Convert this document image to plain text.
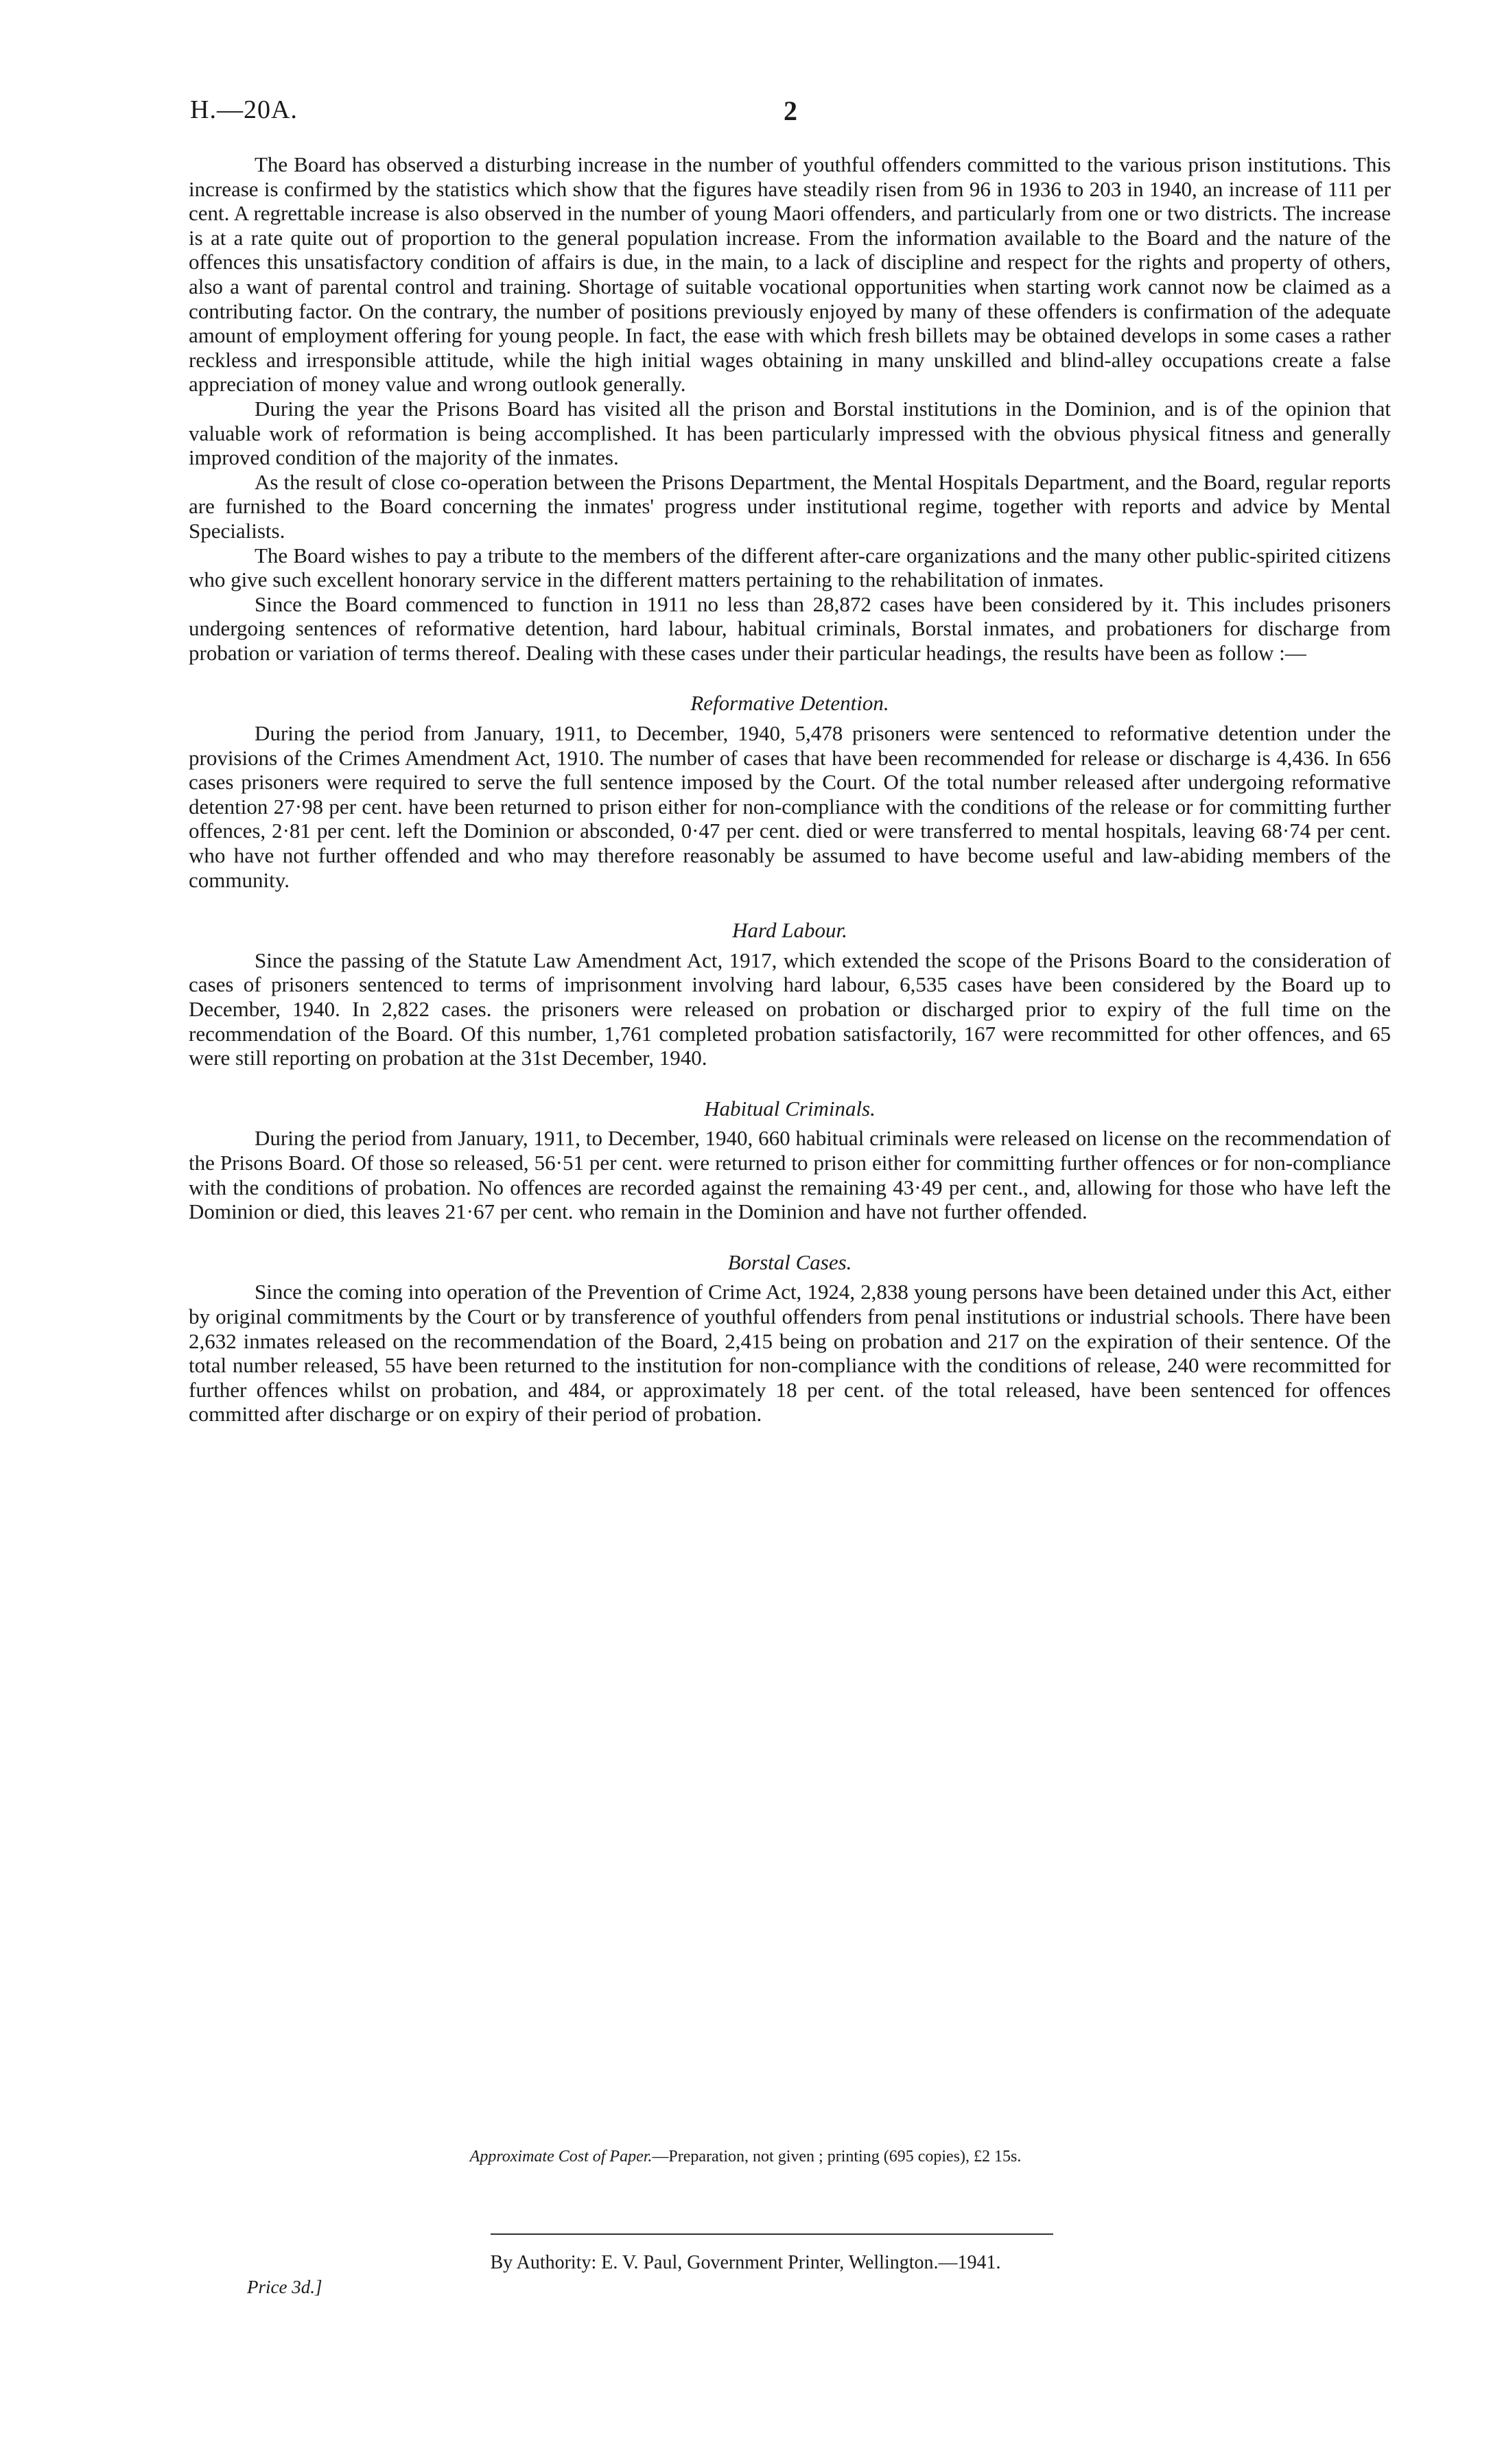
H.—20A.	2

The Board has observed a disturbing increase in the number of youthful offenders committed to the various prison institutions. This increase is confirmed by the statistics which show that the figures have steadily risen from 96 in 1936 to 203 in 1940, an increase of 111 per cent. A regrettable increase is also observed in the number of young Maori offenders, and particularly from one or two districts. The increase is at a rate quite out of proportion to the general population increase. From the information available to the Board and the nature of the offences this unsatisfactory condition of affairs is due, in the main, to a lack of discipline and respect for the rights and property of others, also a want of parental control and training. Shortage of suitable vocational opportunities when starting work cannot now be claimed as a contributing factor. On the contrary, the number of positions previously enjoyed by many of these offenders is confirmation of the adequate amount of employment offering for young people. In fact, the ease with which fresh billets may be obtained develops in some cases a rather reckless and irresponsible attitude, while the high initial wages obtaining in many unskilled and blind-alley occupations create a false appreciation of money value and wrong outlook generally.

During the year the Prisons Board has visited all the prison and Borstal institutions in the Dominion, and is of the opinion that valuable work of reformation is being accomplished. It has been particularly impressed with the obvious physical fitness and generally improved condition of the majority of the inmates.

As the result of close co-operation between the Prisons Department, the Mental Hospitals Department, and the Board, regular reports are furnished to the Board concerning the inmates' progress under institutional regime, together with reports and advice by Mental Specialists.

The Board wishes to pay a tribute to the members of the different after-care organizations and the many other public-spirited citizens who give such excellent honorary service in the different matters pertaining to the rehabilitation of inmates.

Since the Board commenced to function in 1911 no less than 28,872 cases have been considered by it. This includes prisoners undergoing sentences of reformative detention, hard labour, habitual criminals, Borstal inmates, and probationers for discharge from probation or variation of terms thereof. Dealing with these cases under their particular headings, the results have been as follow :—

Reformative Detention.

During the period from January, 1911, to December, 1940, 5,478 prisoners were sentenced to reformative detention under the provisions of the Crimes Amendment Act, 1910. The number of cases that have been recommended for release or discharge is 4,436. In 656 cases prisoners were required to serve the full sentence imposed by the Court. Of the total number released after undergoing reformative detention 27·98 per cent. have been returned to prison either for non-compliance with the conditions of the release or for committing further offences, 2·81 per cent. left the Dominion or absconded, 0·47 per cent. died or were transferred to mental hospitals, leaving 68·74 per cent. who have not further offended and who may therefore reasonably be assumed to have become useful and law-abiding members of the community.

Hard Labour.

Since the passing of the Statute Law Amendment Act, 1917, which extended the scope of the Prisons Board to the consideration of cases of prisoners sentenced to terms of imprisonment involving hard labour, 6,535 cases have been considered by the Board up to December, 1940. In 2,822 cases. the prisoners were released on probation or discharged prior to expiry of the full time on the recommendation of the Board. Of this number, 1,761 completed probation satisfactorily, 167 were recommitted for other offences, and 65 were still reporting on probation at the 31st December, 1940.

Habitual Criminals.

During the period from January, 1911, to December, 1940, 660 habitual criminals were released on license on the recommendation of the Prisons Board. Of those so released, 56·51 per cent. were returned to prison either for committing further offences or for non-compliance with the conditions of probation. No offences are recorded against the remaining 43·49 per cent., and, allowing for those who have left the Dominion or died, this leaves 21·67 per cent. who remain in the Dominion and have not further offended.

Borstal Cases.

Since the coming into operation of the Prevention of Crime Act, 1924, 2,838 young persons have been detained under this Act, either by original commitments by the Court or by transference of youthful offenders from penal institutions or industrial schools. There have been 2,632 inmates released on the recommendation of the Board, 2,415 being on probation and 217 on the expiration of their sentence. Of the total number released, 55 have been returned to the institution for non-compliance with the conditions of release, 240 were recommitted for further offences whilst on probation, and 484, or approximately 18 per cent. of the total released, have been sentenced for offences committed after discharge or on expiry of their period of probation.

Approximate Cost of Paper.—Preparation, not given ; printing (695 copies), £2 15s.
By Authority: E. V. Paul, Government Printer, Wellington.—1941.
Price 3d.]
